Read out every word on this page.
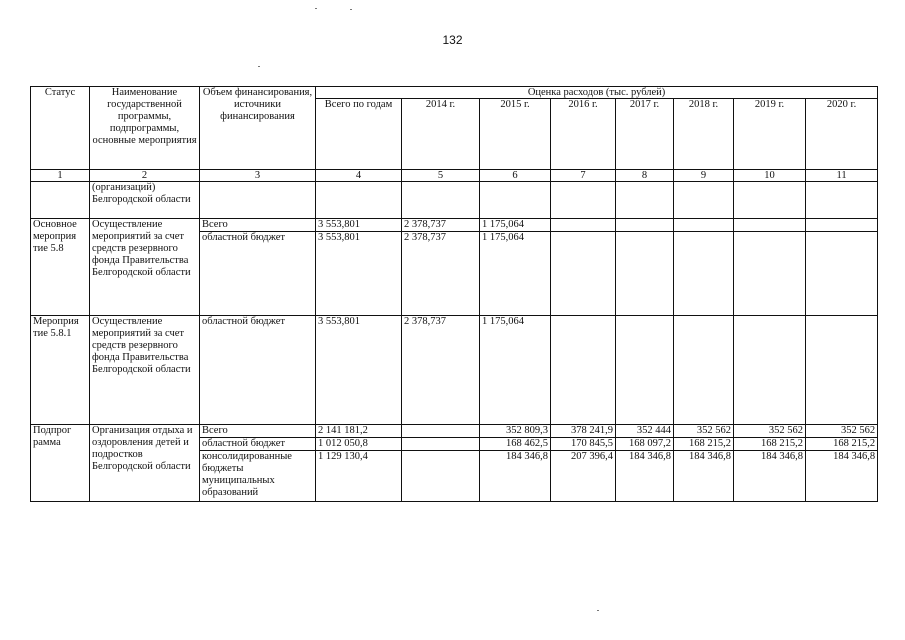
132
Статус	Наименование государственной программы, подпрограммы, основные мероприятия	Объем финансирования, источники финансирования	Оценка расходов (тыс. рублей)							
			Всего по годам	2014 г.	2015 г.	2016 г.	2017 г.	2018 г.	2019 г.	2020 г.
1	2	3	4	5	6	7	8	9	10	11
	(организаций) Белгородской области									
Основное мероприя тие 5.8	Осуществление мероприятий за счет средств резервного фонда Правительства Белгородской области	Всего	3 553,801	2 378,737	1 175,064					
		областной бюджет	3 553,801	2 378,737	1 175,064					
Мероприя тие 5.8.1	Осуществление мероприятий за счет средств резервного фонда Правительства Белгородской области	областной бюджет	3 553,801	2 378,737	1 175,064					
Подпрог рамма	Организация отдыха и оздоровления детей и подростков Белгородской области	Всего	2 141 181,2		352 809,3	378 241,9	352 444	352 562	352 562	352 562
		областной бюджет	1 012 050,8		168 462,5	170 845,5	168 097,2	168 215,2	168 215,2	168 215,2
		консолидированные бюджеты муниципальных образований	1 129 130,4		184 346,8	207 396,4	184 346,8	184 346,8	184 346,8	184 346,8
